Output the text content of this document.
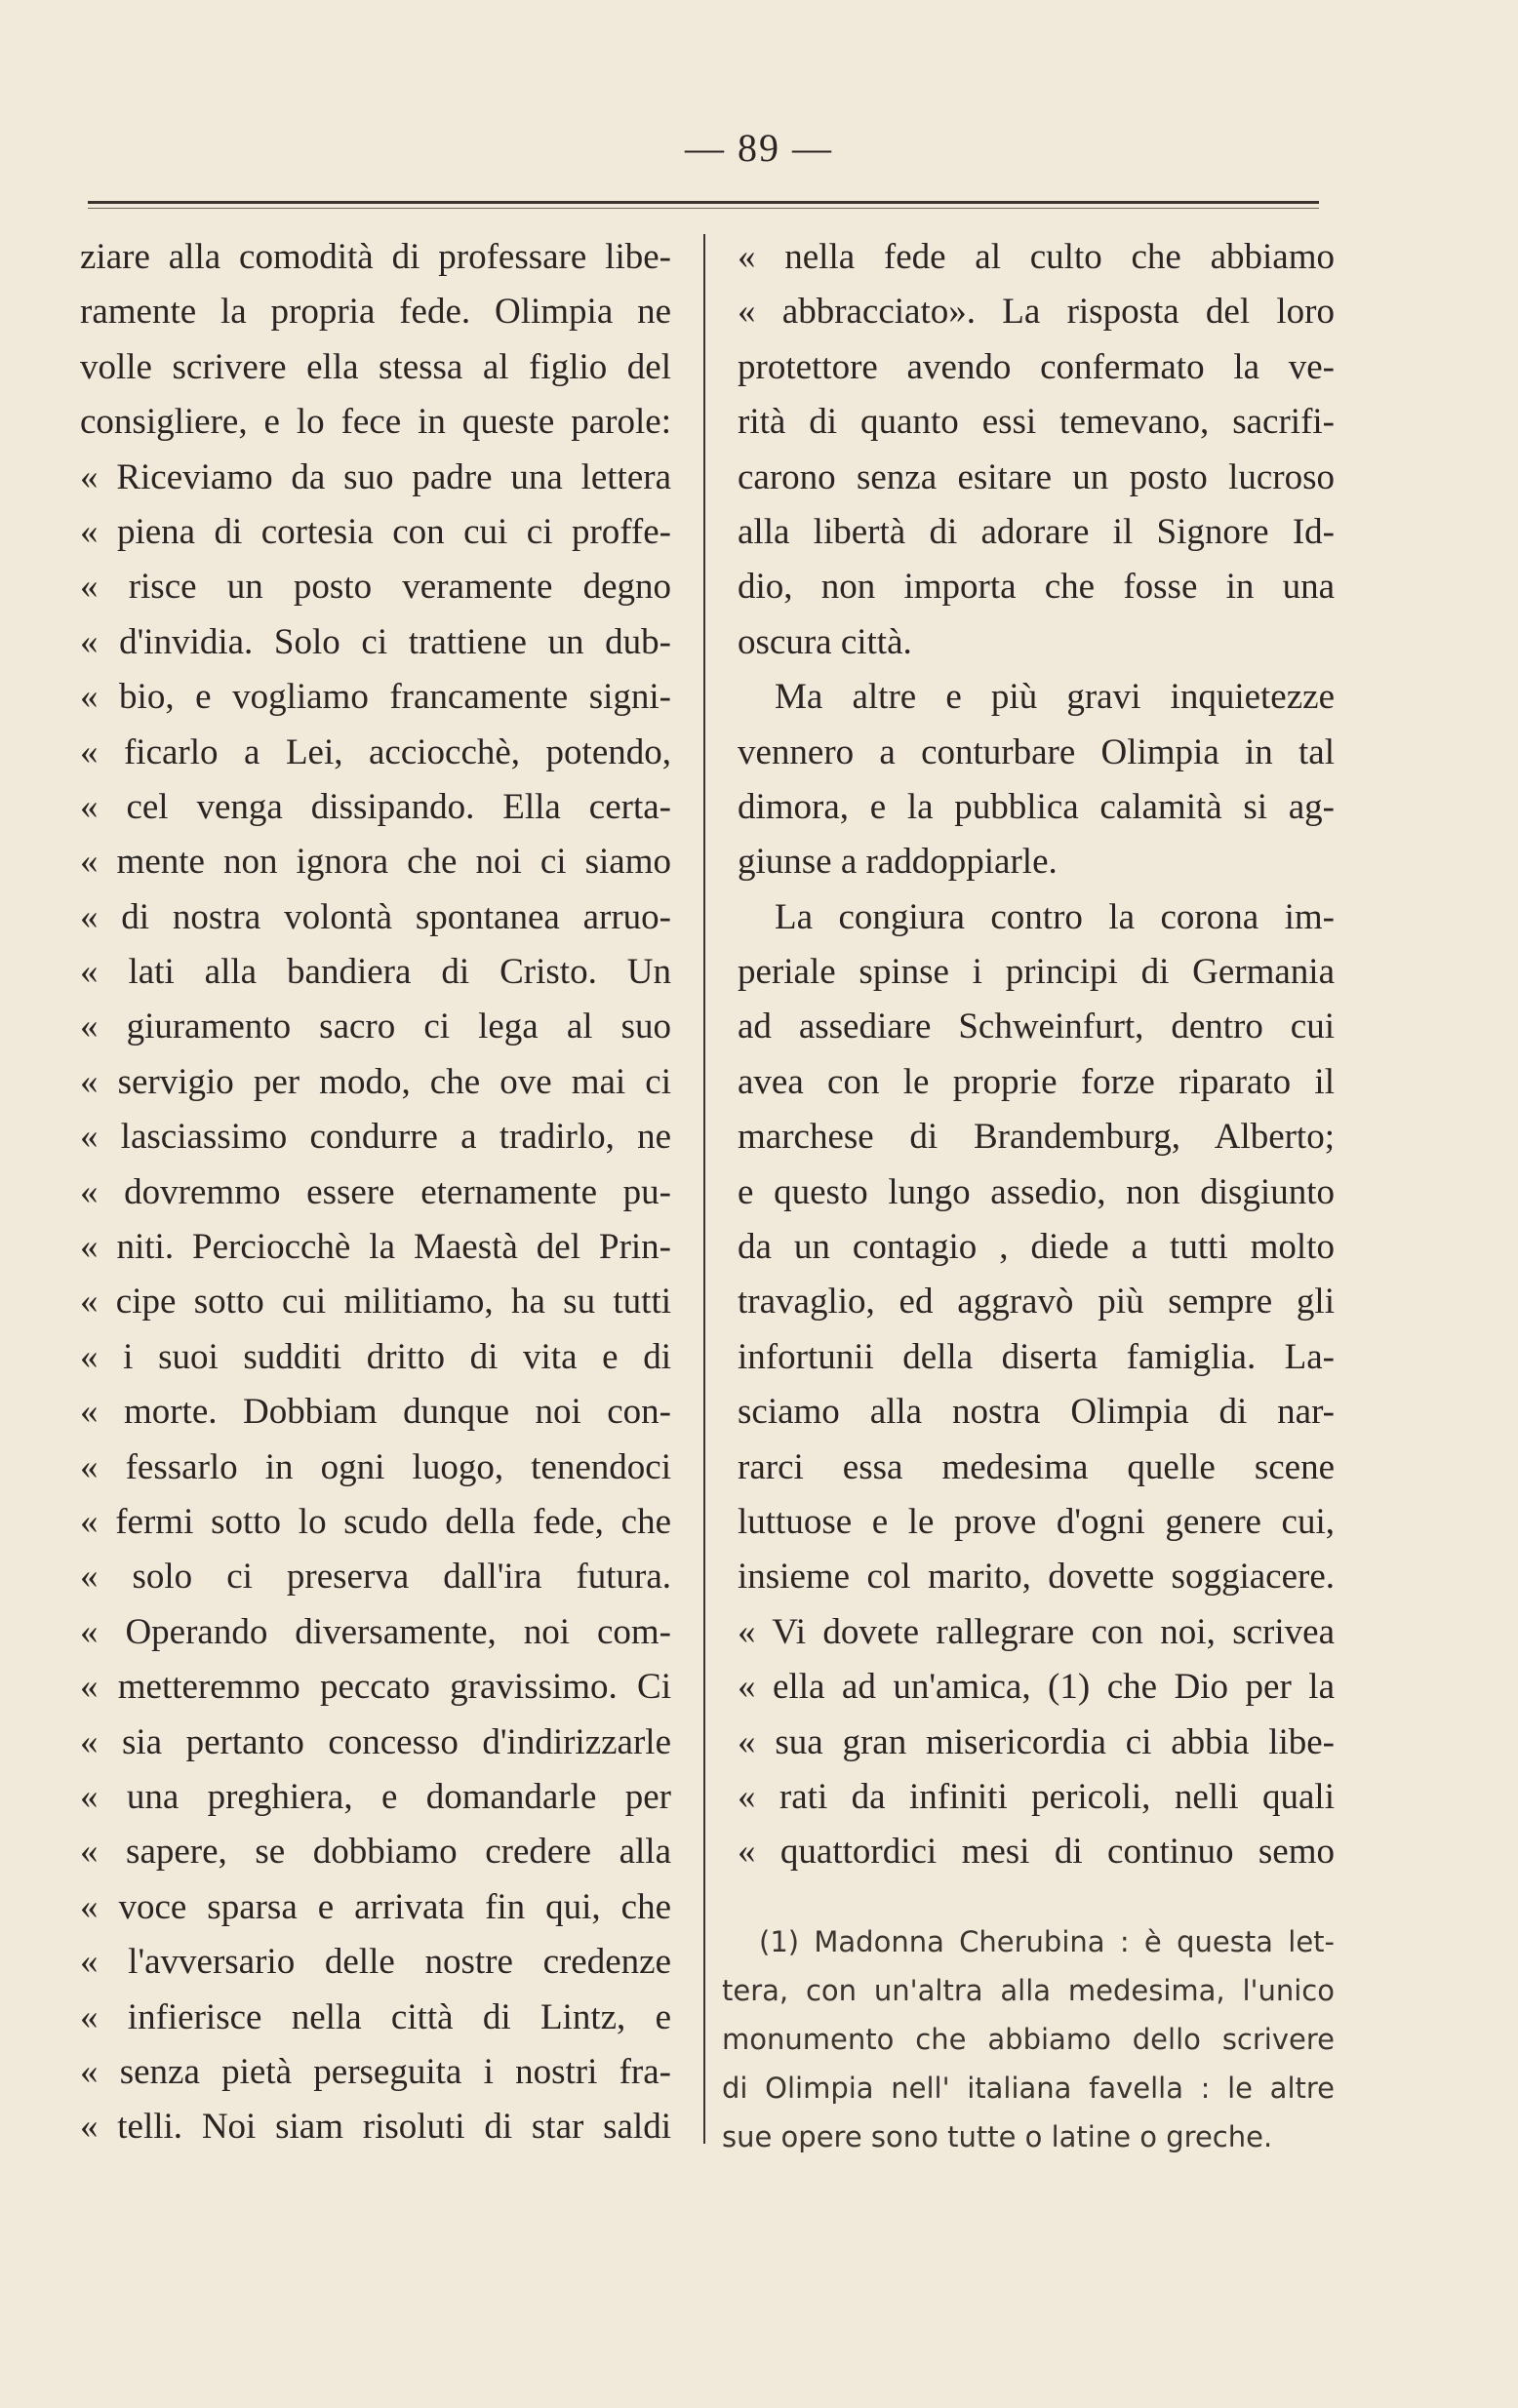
— 89 —
ziare alla comodità di professare libe-
ramente la propria fede. Olimpia ne
volle scrivere ella stessa al figlio del
consigliere, e lo fece in queste parole:
« Riceviamo da suo padre una lettera
« piena di cortesia con cui ci proffe-
« risce un posto veramente degno
« d'invidia. Solo ci trattiene un dub-
« bio, e vogliamo francamente signi-
« ficarlo a Lei, acciocchè, potendo,
« cel venga dissipando. Ella certa-
« mente non ignora che noi ci siamo
« di nostra volontà spontanea arruo-
« lati alla bandiera di Cristo. Un
« giuramento sacro ci lega al suo
« servigio per modo, che ove mai ci
« lasciassimo condurre a tradirlo, ne
« dovremmo essere eternamente pu-
« niti. Perciocchè la Maestà del Prin-
« cipe sotto cui militiamo, ha su tutti
« i suoi sudditi dritto di vita e di
« morte. Dobbiam dunque noi con-
« fessarlo in ogni luogo, tenendoci
« fermi sotto lo scudo della fede, che
« solo ci preserva dall'ira futura.
« Operando diversamente, noi com-
« metteremmo peccato gravissimo. Ci
« sia pertanto concesso d'indirizzarle
« una preghiera, e domandarle per
« sapere, se dobbiamo credere alla
« voce sparsa e arrivata fin qui, che
« l'avversario delle nostre credenze
« infierisce nella città di Lintz, e
« senza pietà perseguita i nostri fra-
« telli. Noi siam risoluti di star saldi
« nella fede al culto che abbiamo
« abbracciato». La risposta del loro
protettore avendo confermato la ve-
rità di quanto essi temevano, sacrifi-
carono senza esitare un posto lucroso
alla libertà di adorare il Signore Id-
dio, non importa che fosse in una
oscura città.
Ma altre e più gravi inquietezze
vennero a conturbare Olimpia in tal
dimora, e la pubblica calamità si ag-
giunse a raddoppiarle.
La congiura contro la corona im-
periale spinse i principi di Germania
ad assediare Schweinfurt, dentro cui
avea con le proprie forze riparato il
marchese di Brandemburg, Alberto;
e questo lungo assedio, non disgiunto
da un contagio , diede a tutti molto
travaglio, ed aggravò più sempre gli
infortunii della diserta famiglia. La-
sciamo alla nostra Olimpia di nar-
rarci essa medesima quelle scene
luttuose e le prove d'ogni genere cui,
insieme col marito, dovette soggiacere.
« Vi dovete rallegrare con noi, scrivea
« ella ad un'amica, (1) che Dio per la
« sua gran misericordia ci abbia libe-
« rati da infiniti pericoli, nelli quali
« quattordici mesi di continuo semo
(1) Madonna Cherubina : è questa let-
tera, con un'altra alla medesima, l'unico
monumento che abbiamo dello scrivere
di Olimpia nell' italiana favella : le altre
sue opere sono tutte o latine o greche.
